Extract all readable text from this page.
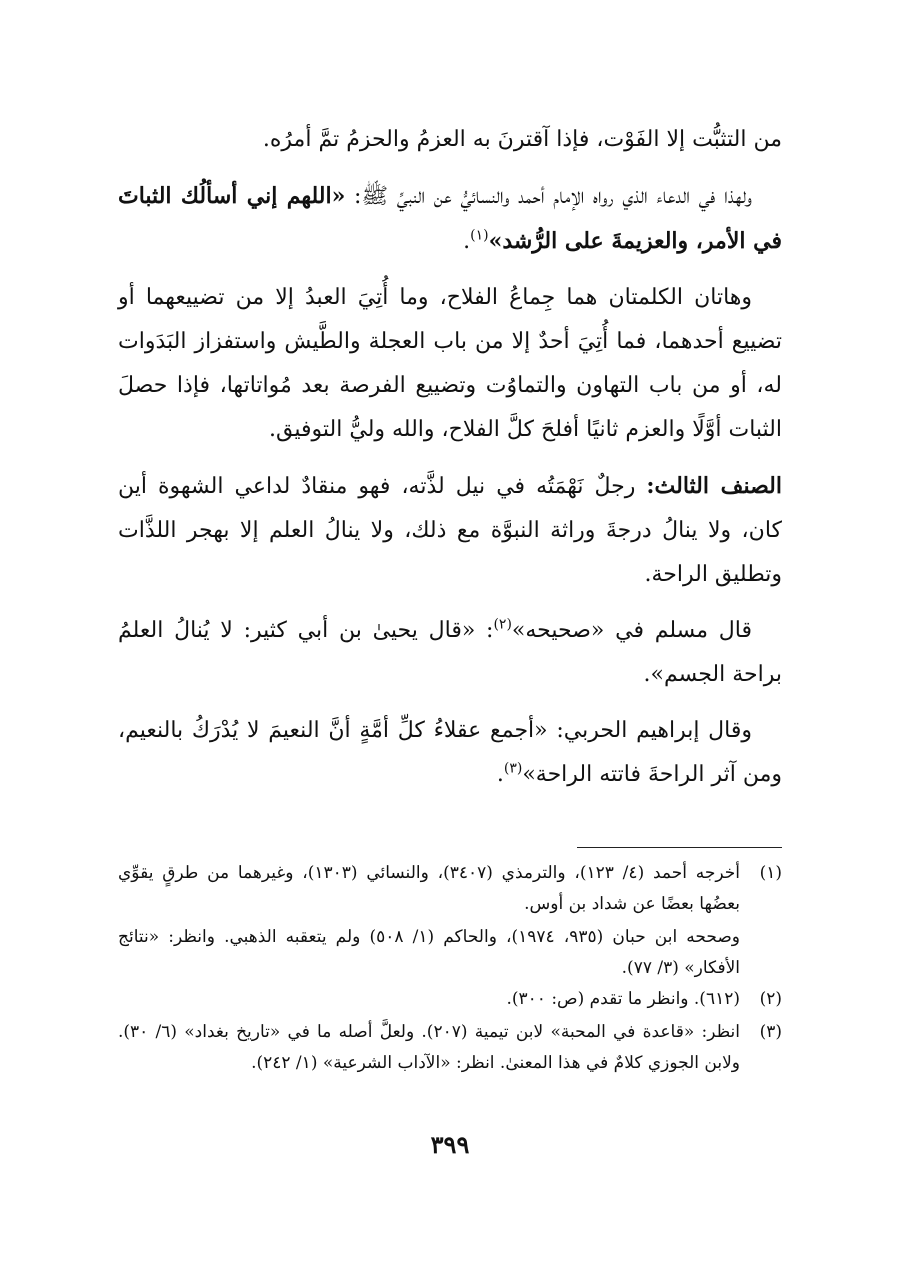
من التثبُّت إلا الفَوْت، فإذا آقترنَ به العزمُ والحزمُ تمَّ أمرُه.

ولهذا في الدعاء الذي رواه الإمام أحمد والنسائيُّ عن النبيِّ ﷺ: «اللهم إني أسألُك الثباتَ في الأمر، والعزيمةَ على الرُّشد»$^{(١)}$.

وهاتان الكلمتان هما جِماعُ الفلاح، وما أُتِيَ العبدُ إلا من تضييعهما أو تضييع أحدهما، فما أُتِيَ أحدٌ إلا من باب العجلة والطَّيش واستفزاز البَدَوات له، أو من باب التهاون والتماوُت وتضييع الفرصة بعد مُواتاتها، فإذا حصلَ الثبات أوَّلًا والعزم ثانيًا أفلحَ كلَّ الفلاح، والله وليُّ التوفيق.

الصنف الثالث: رجلٌ نَهْمَتُه في نيل لذَّته، فهو منقادٌ لداعي الشهوة أين كان، ولا ينالُ درجةَ وراثة النبوَّة مع ذلك، ولا ينالُ العلم إلا بهجر اللذَّات وتطليق الراحة.

قال مسلم في «صحيحه»$^{(٢)}$: «قال يحيىٰ بن أبي كثير: لا يُنالُ العلمُ براحة الجسم».

وقال إبراهيم الحربي: «أجمع عقلاءُ كلِّ أمَّةٍ أنَّ النعيمَ لا يُدْرَكُ بالنعيم، ومن آثر الراحةَ فاتته الراحة»$^{(٣)}$.

(١)
أخرجه أحمد (٤/ ١٢٣)، والترمذي (٣٤٠٧)، والنسائي (١٣٠٣)، وغيرهما من طرقٍ يقوِّي بعضُها بعضًا عن شداد بن أوس.
وصححه ابن حبان (٩٣٥، ١٩٧٤)، والحاكم (١/ ٥٠٨) ولم يتعقبه الذهبي. وانظر: «نتائج الأفكار» (٣/ ٧٧).
(٢)
(٦١٢). وانظر ما تقدم (ص: ٣٠٠).
(٣)
انظر: «قاعدة في المحبة» لابن تيمية (٢٠٧). ولعلَّ أصله ما في «تاريخ بغداد» (٦/ ٣٠). ولابن الجوزي كلامٌ في هذا المعنىٰ. انظر: «الآداب الشرعية» (١/ ٢٤٢).
٣٩٩
